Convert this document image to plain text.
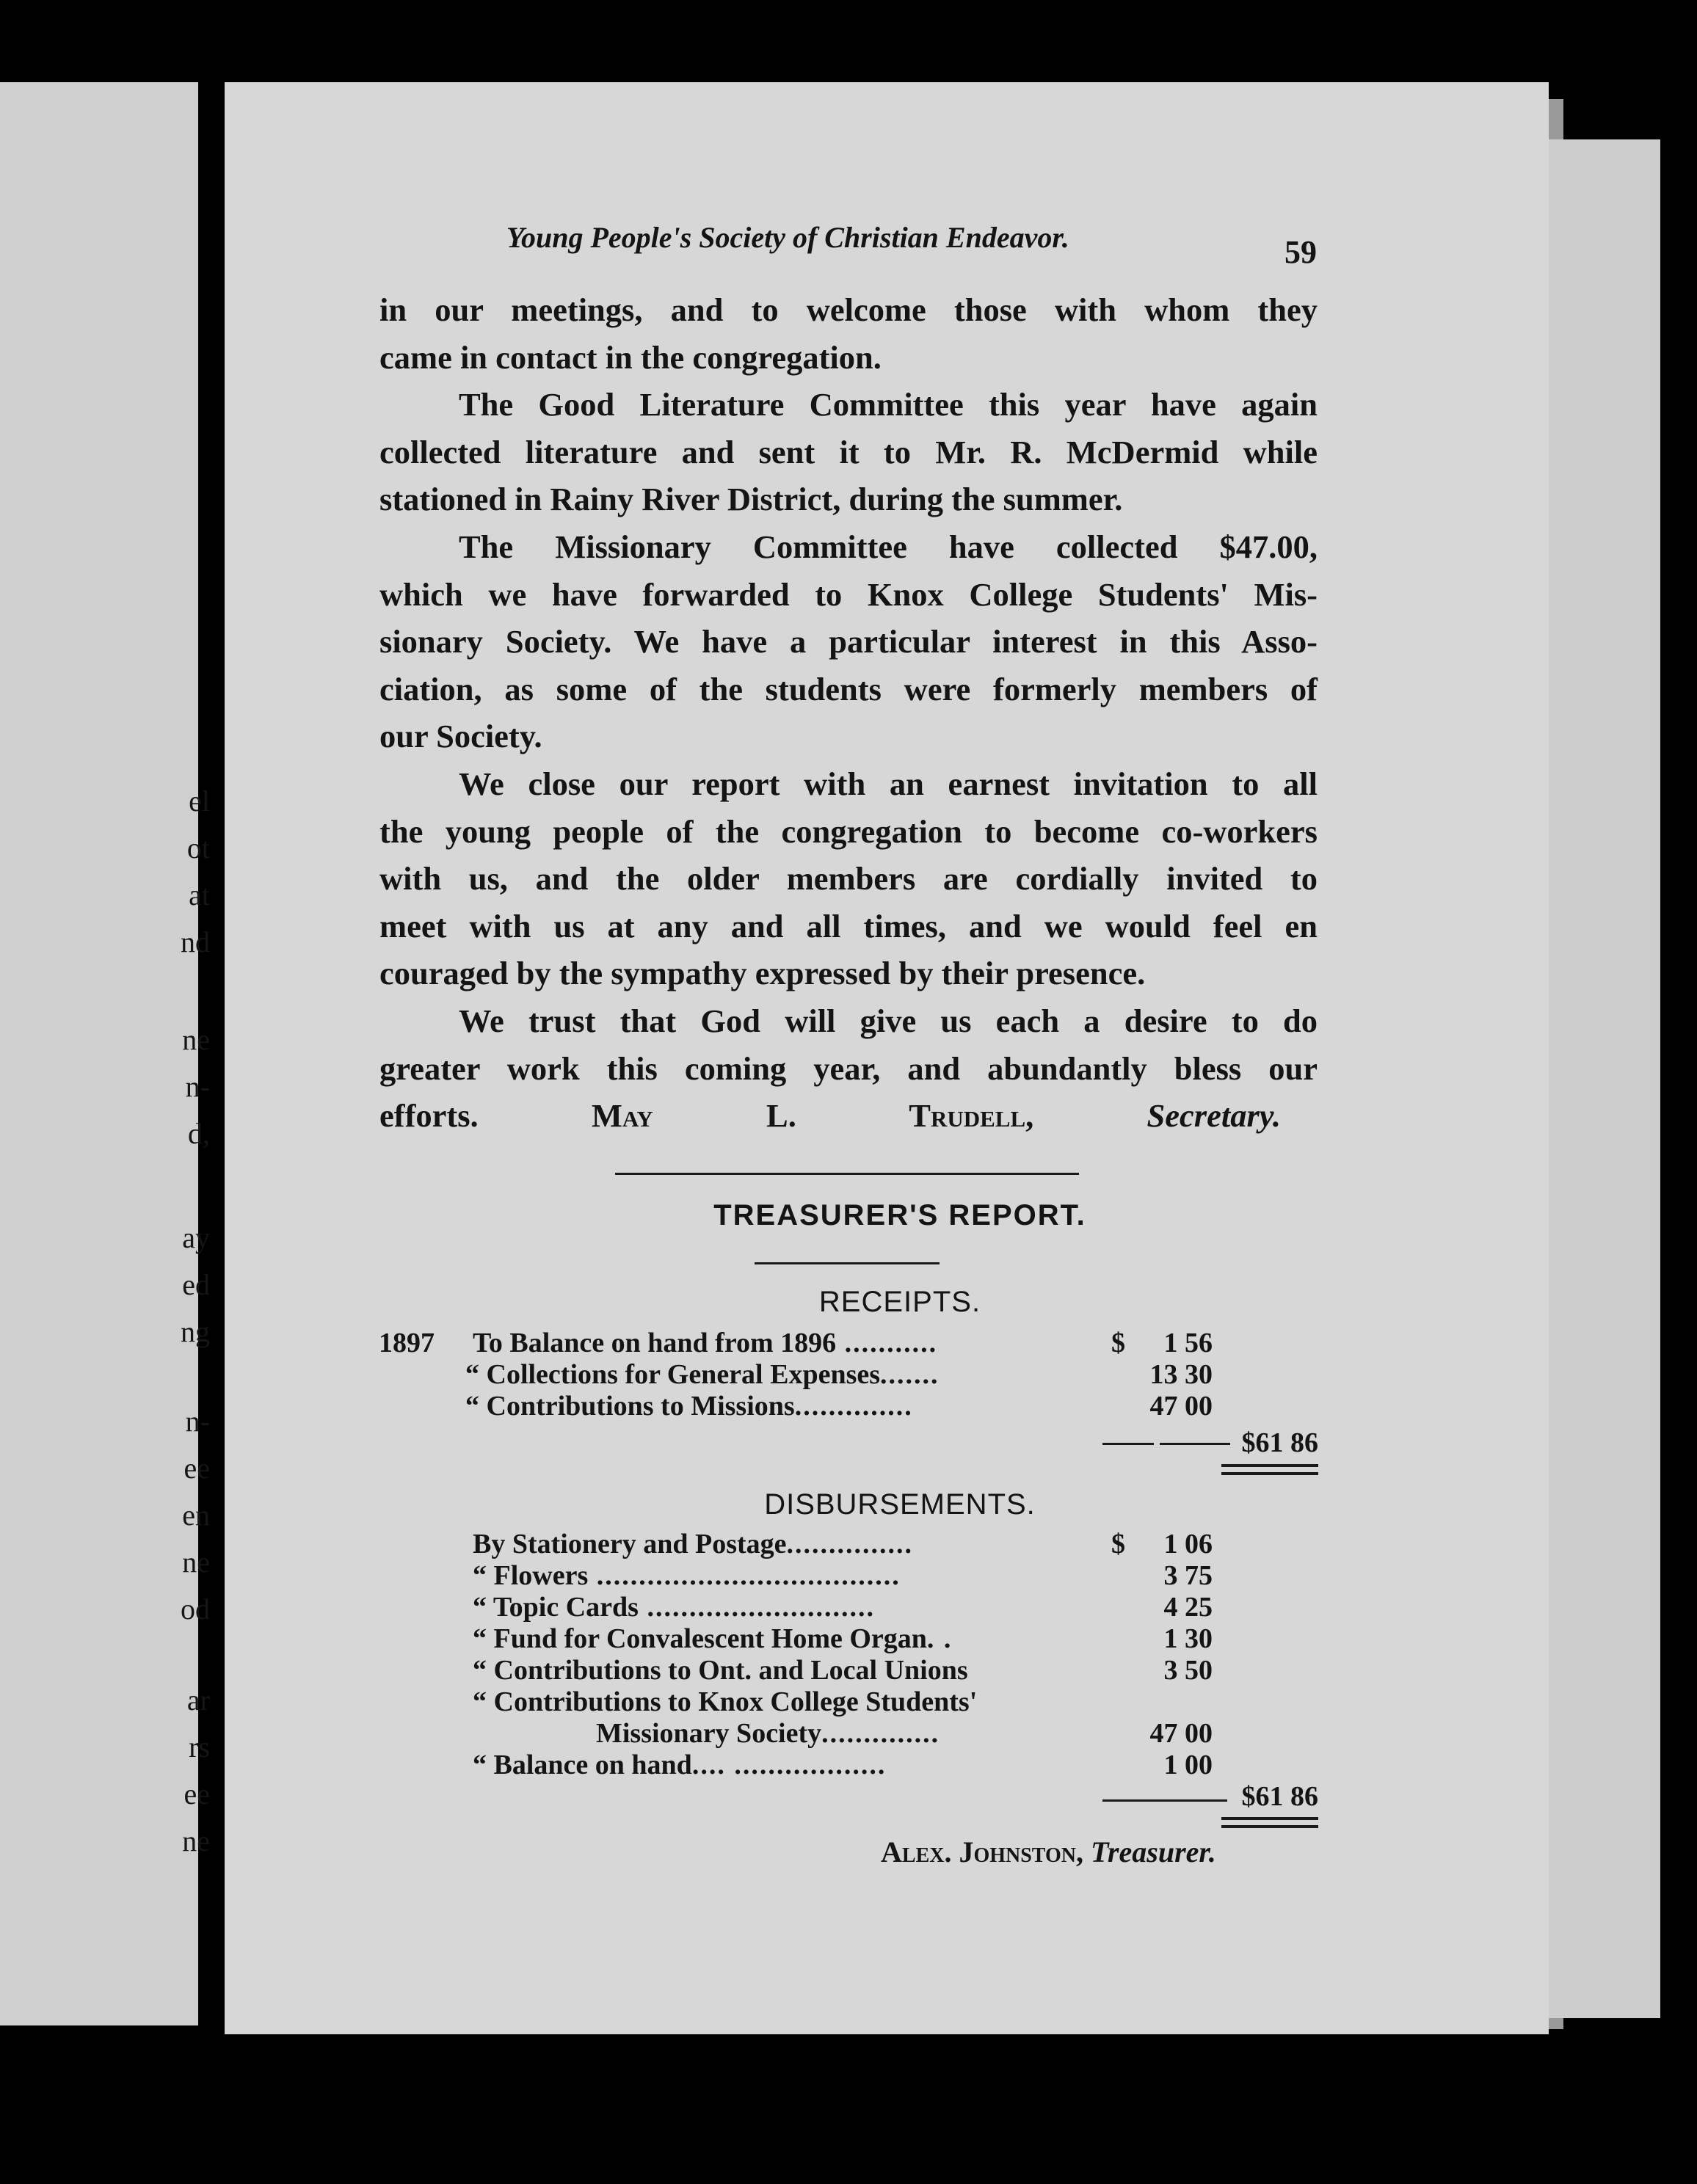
el
ot
at
nd
ne
n-
d,
ay
ed
ng
n-
ee
en
ne
od
ar
rs
ee
ne
Young People's Society of Christian Endeavor.	59
in our meetings, and to welcome those with whom they
came in contact in the congregation.
The Good Literature Committee this year have again
collected literature and sent it to Mr. R. McDermid while
stationed in Rainy River District, during the summer.
The Missionary Committee have collected $47.00,
which we have forwarded to Knox College Students' Mis-
sionary Society. We have a particular interest in this Asso-
ciation, as some of the students were formerly members of
our Society.
We close our report with an earnest invitation to all
the young people of the congregation to become co-workers
with us, and the older members are cordially invited to
meet with us at any and all times, and we would feel en
couraged by the sympathy expressed by their presence.
We trust that God will give us each a desire to do
greater work this coming year, and abundantly bless our
efforts.	May L. Trudell,	Secretary.
TREASURER'S REPORT.
RECEIPTS.
1897 To Balance on hand from 1896 ...........	$	1 56
“ Collections for General Expenses.......	13 30
“ Contributions to Missions..............	47 00
$61 86
DISBURSEMENTS.
By Stationery and Postage...............	$	1 06
“ Flowers ....................................	3 75
“ Topic Cards ...........................	4 25
“ Fund for Convalescent Home Organ. .	1 30
“ Contributions to Ont. and Local Unions	3 50
“ Contributions to Knox College Students'
Missionary Society..............	47 00
“ Balance on hand.... ..................	1 00
$61 86
Alex. Johnston, Treasurer.
